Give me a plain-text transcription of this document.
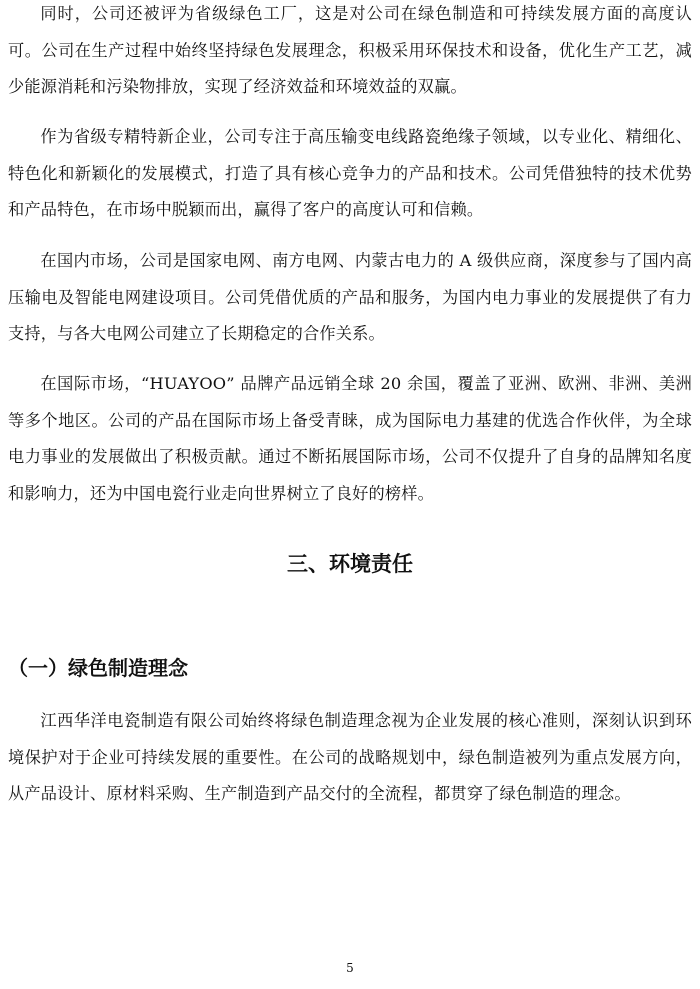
同时，公司还被评为省级绿色工厂，这是对公司在绿色制造和可持续发展方面的高度认可。公司在生产过程中始终坚持绿色发展理念，积极采用环保技术和设备，优化生产工艺，减少能源消耗和污染物排放，实现了经济效益和环境效益的双赢。

作为省级专精特新企业，公司专注于高压输变电线路瓷绝缘子领域，以专业化、精细化、特色化和新颖化的发展模式，打造了具有核心竞争力的产品和技术。公司凭借独特的技术优势和产品特色，在市场中脱颖而出，赢得了客户的高度认可和信赖。

在国内市场，公司是国家电网、南方电网、内蒙古电力的 A 级供应商，深度参与了国内高压输电及智能电网建设项目。公司凭借优质的产品和服务，为国内电力事业的发展提供了有力支持，与各大电网公司建立了长期稳定的合作关系。

在国际市场，“HUAYOO” 品牌产品远销全球 20 余国，覆盖了亚洲、欧洲、非洲、美洲等多个地区。公司的产品在国际市场上备受青睐，成为国际电力基建的优选合作伙伴，为全球电力事业的发展做出了积极贡献。通过不断拓展国际市场，公司不仅提升了自身的品牌知名度和影响力，还为中国电瓷行业走向世界树立了良好的榜样。

三、环境责任
（一）绿色制造理念

江西华洋电瓷制造有限公司始终将绿色制造理念视为企业发展的核心准则，深刻认识到环境保护对于企业可持续发展的重要性。在公司的战略规划中，绿色制造被列为重点发展方向，从产品设计、原材料采购、生产制造到产品交付的全流程，都贯穿了绿色制造的理念。

5
